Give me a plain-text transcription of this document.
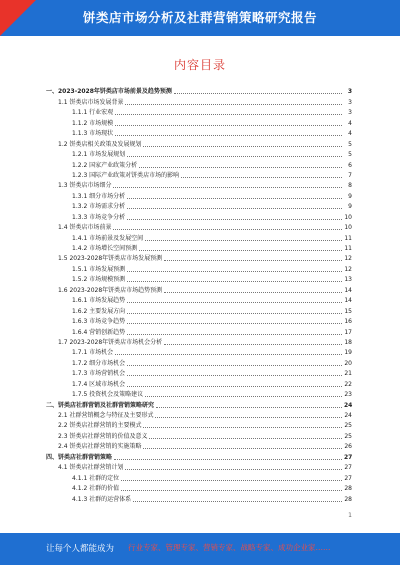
饼类店市场分析及社群营销策略研究报告
内容目录
一、2023-2028年饼类店市场前景及趋势预测	3
1.1 饼类店市场发展背景	3
1.1.1 行业宏观	3
1.1.2 市场规模	4
1.1.3 市场现状	4
1.2 饼类店相关政策及发展规划	5
1.2.1 市场发展规划	5
1.2.2 国家产业政策分析	6
1.2.3 国际产业政策对饼类店市场的影响	7
1.3 饼类店市场细分	8
1.3.1 细分市场分析	9
1.3.2 市场需求分析	9
1.3.3 市场竞争分析	10
1.4 饼类店市场前景	10
1.4.1 市场前景及发展空间	11
1.4.2 市场增长空间预测	11
1.5 2023-2028年饼类店市场发展预测	12
1.5.1 市场发展预测	12
1.5.2 市场规模预测	13
1.6 2023-2028年饼类店市场趋势预测	14
1.6.1 市场发展趋势	14
1.6.2 主要发展方向	15
1.6.3 市场竞争趋势	16
1.6.4 营销创新趋势	17
1.7 2023-2028年饼类店市场机会分析	18
1.7.1 市场机会	19
1.7.2 细分市场机会	20
1.7.3 市场营销机会	21
1.7.4 区域市场机会	22
1.7.5 投资机会及策略建议	23
二、饼类店社群营销及社群营销策略研究	24
2.1 社群营销概念与特征及主要形式	24
2.2 饼类店社群营销的主要模式	25
2.3 饼类店社群营销的价值及意义	25
2.4 饼类店社群营销的实施策略	26
四、饼类店社群营销策略	27
4.1 饼类店社群营销计划	27
4.1.1 社群的定位	27
4.1.2 社群的价值	28
4.1.3 社群的运营体系	28
1
让每个人都能成为 行业专家、管理专家、营销专家、战略专家、成功企业家……
